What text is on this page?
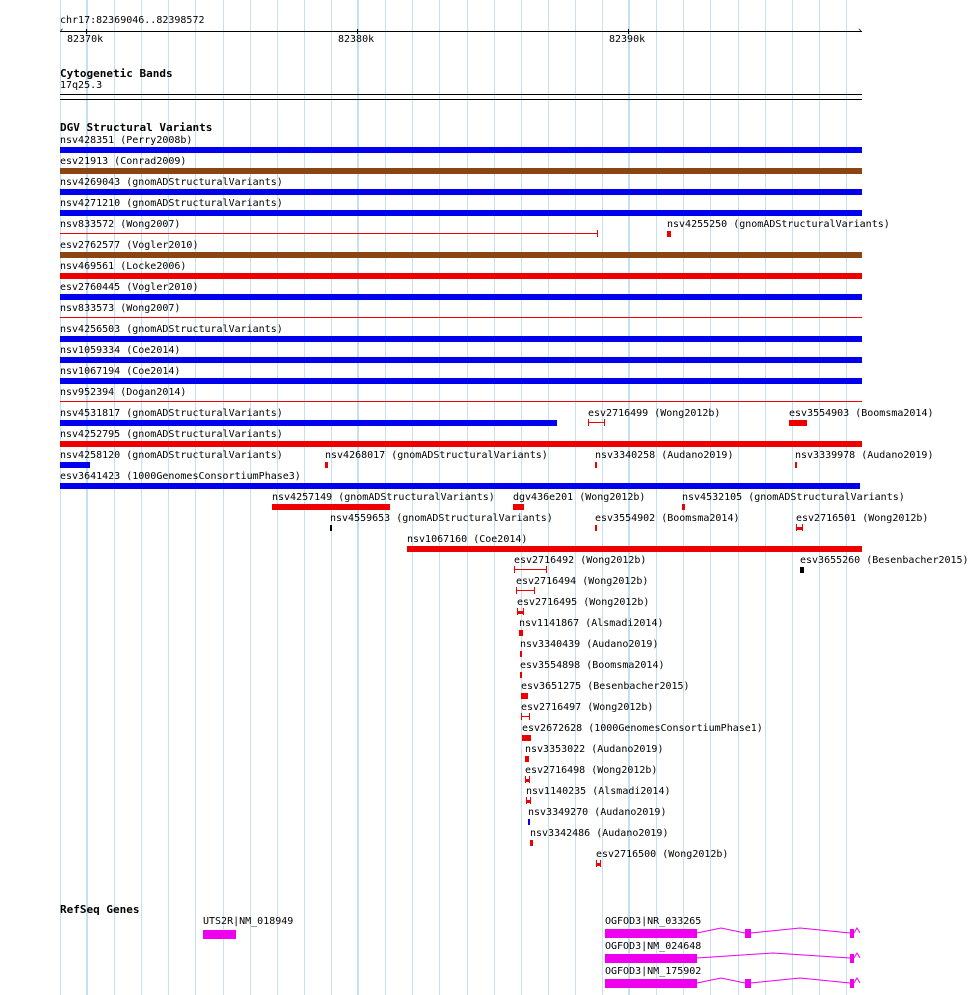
chr17:82369046..82398572
‹	›
82370k	82380k	82390k
Cytogenetic Bands
17q25.3
DGV Structural Variants
nsv428351 (Perry2008b)
esv21913 (Conrad2009)
nsv4269043 (gnomADStructuralVariants)
nsv4271210 (gnomADStructuralVariants)
nsv833572 (Wong2007)	nsv4255250 (gnomADStructuralVariants)
esv2762577 (Vogler2010)
nsv469561 (Locke2006)
esv2760445 (Vogler2010)
nsv833573 (Wong2007)
nsv4256503 (gnomADStructuralVariants)
nsv1059334 (Coe2014)
nsv1067194 (Coe2014)
nsv952394 (Dogan2014)
nsv4531817 (gnomADStructuralVariants)	esv2716499 (Wong2012b)	esv3554903 (Boomsma2014)
nsv4252795 (gnomADStructuralVariants)
nsv4258120 (gnomADStructuralVariants)	nsv4268017 (gnomADStructuralVariants)	nsv3340258 (Audano2019)	nsv3339978 (Audano2019)
esv3641423 (1000GenomesConsortiumPhase3)
nsv4257149 (gnomADStructuralVariants) dgv436e201 (Wong2012b)	nsv4532105 (gnomADStructuralVariants)
nsv4559653 (gnomADStructuralVariants)	esv3554902 (Boomsma2014)	esv2716501 (Wong2012b)
nsv1067160 (Coe2014)
esv2716492 (Wong2012b)	esv3655260 (Besenbacher2015)
esv2716494 (Wong2012b)
esv2716495 (Wong2012b)
nsv1141867 (Alsmadi2014)
nsv3340439 (Audano2019)
esv3554898 (Boomsma2014)
esv3651275 (Besenbacher2015)
esv2716497 (Wong2012b)
esv2672628 (1000GenomesConsortiumPhase1)
nsv3353022 (Audano2019)
esv2716498 (Wong2012b)
nsv1140235 (Alsmadi2014)
nsv3349270 (Audano2019)
nsv3342486 (Audano2019)
esv2716500 (Wong2012b)
RefSeq Genes
UTS2R|NM_018949	OGFOD3|NR_033265
OGFOD3|NM_024648
OGFOD3|NM_175902
